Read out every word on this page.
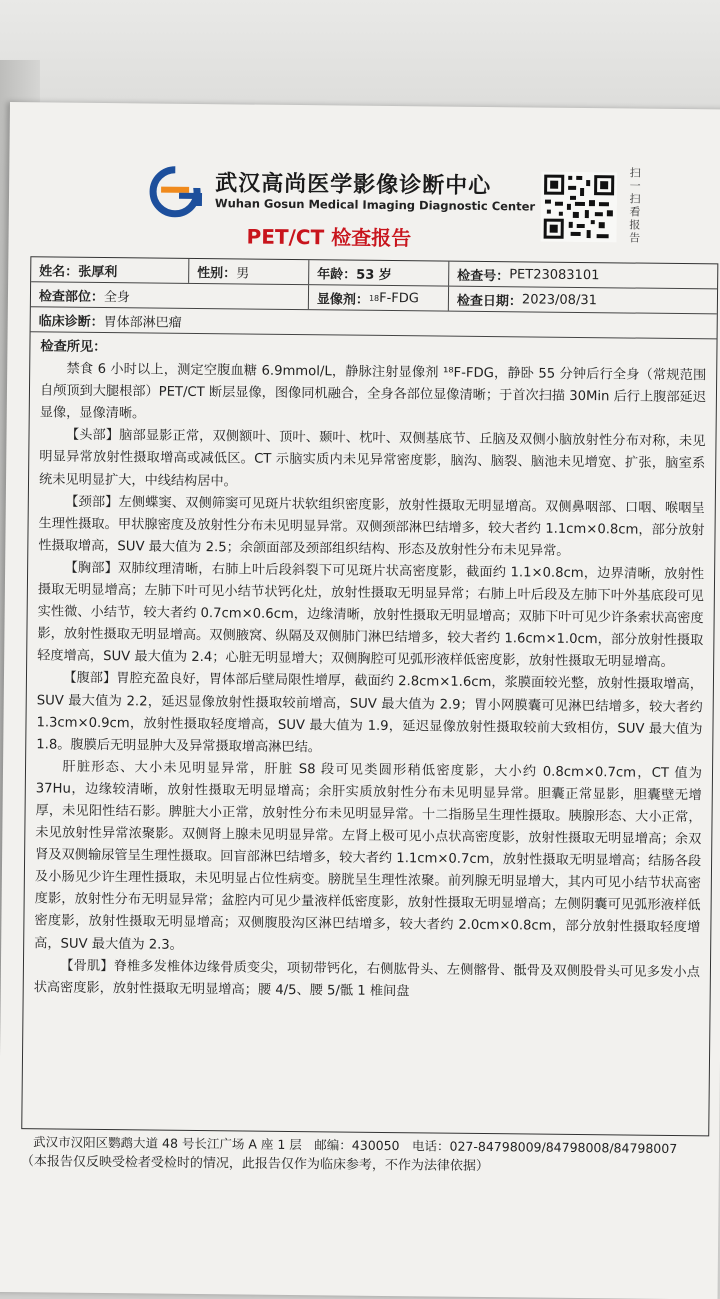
武汉高尚医学影像诊断中心
Wuhan Gosun Medical Imaging Diagnostic Center
扫一扫看报告
PET/CT 检查报告
姓名： 张厚利	性别： 男	年龄： 53 岁	检查号： PET23083101
检查部位： 全身	显像剂： 18 F-FDG	检查日期： 2023/08/31
临床诊断： 胃体部淋巴瘤

检查所见：

禁食 6 小时以上，测定空腹血糖 6.9mmol/L，静脉注射显像剂 ¹⁸F-FDG，静卧 55 分钟后行全身（常规范围自颅顶到大腿根部）PET/CT 断层显像，图像同机融合，全身各部位显像清晰；于首次扫描 30Min 后行上腹部延迟显像，显像清晰。

【头部】脑部显影正常，双侧额叶、顶叶、颞叶、枕叶、双侧基底节、丘脑及双侧小脑放射性分布对称，未见明显异常放射性摄取增高或减低区。CT 示脑实质内未见异常密度影，脑沟、脑裂、脑池未见增宽、扩张，脑室系统未见明显扩大，中线结构居中。

【颈部】左侧蝶窦、双侧筛窦可见斑片状软组织密度影，放射性摄取无明显增高。双侧鼻咽部、口咽、喉咽呈生理性摄取。甲状腺密度及放射性分布未见明显异常。双侧颈部淋巴结增多，较大者约 1.1cm×0.8cm，部分放射性摄取增高，SUV 最大值为 2.5；余颌面部及颈部组织结构、形态及放射性分布未见异常。

【胸部】双肺纹理清晰，右肺上叶后段斜裂下可见斑片状高密度影，截面约 1.1×0.8cm，边界清晰，放射性摄取无明显增高；左肺下叶可见小结节状钙化灶，放射性摄取无明显异常；右肺上叶后段及左肺下叶外基底段可见实性微、小结节，较大者约 0.7cm×0.6cm，边缘清晰，放射性摄取无明显增高；双肺下叶可见少许条索状高密度影，放射性摄取无明显增高。双侧腋窝、纵隔及双侧肺门淋巴结增多，较大者约 1.6cm×1.0cm，部分放射性摄取轻度增高，SUV 最大值为 2.4；心脏无明显增大；双侧胸腔可见弧形液样低密度影，放射性摄取无明显增高。

【腹部】胃腔充盈良好，胃体部后壁局限性增厚，截面约 2.8cm×1.6cm，浆膜面较光整，放射性摄取增高，SUV 最大值为 2.2，延迟显像放射性摄取较前增高，SUV 最大值为 2.9；胃小网膜囊可见淋巴结增多，较大者约 1.3cm×0.9cm，放射性摄取轻度增高，SUV 最大值为 1.9，延迟显像放射性摄取较前大致相仿，SUV 最大值为 1.8。腹膜后无明显肿大及异常摄取增高淋巴结。

肝脏形态、大小未见明显异常，肝脏 S8 段可见类圆形稍低密度影，大小约 0.8cm×0.7cm，CT 值为 37Hu，边缘较清晰，放射性摄取无明显增高；余肝实质放射性分布未见明显异常。胆囊正常显影，胆囊壁无增厚，未见阳性结石影。脾脏大小正常，放射性分布未见明显异常。十二指肠呈生理性摄取。胰腺形态、大小正常，未见放射性异常浓聚影。双侧肾上腺未见明显异常。左肾上极可见小点状高密度影，放射性摄取无明显增高；余双肾及双侧输尿管呈生理性摄取。回盲部淋巴结增多，较大者约 1.1cm×0.7cm，放射性摄取无明显增高；结肠各段及小肠见少许生理性摄取，未见明显占位性病变。膀胱呈生理性浓聚。前列腺无明显增大，其内可见小结节状高密度影，放射性分布无明显异常；盆腔内可见少量液样低密度影，放射性摄取无明显增高；左侧阴囊可见弧形液样低密度影，放射性摄取无明显增高；双侧腹股沟区淋巴结增多，较大者约 2.0cm×0.8cm，部分放射性摄取轻度增高，SUV 最大值为 2.3。

【骨肌】脊椎多发椎体边缘骨质变尖，项韧带钙化，右侧肱骨头、左侧髂骨、骶骨及双侧股骨头可见多发小点状高密度影，放射性摄取无明显增高；腰 4/5、腰 5/骶 1 椎间盘

武汉市汉阳区鹦鹉大道 48 号长江广场 A 座 1 层　邮编：430050　电话：027-84798009/84798008/84798007
（本报告仅反映受检者受检时的情况，此报告仅作为临床参考，不作为法律依据）
